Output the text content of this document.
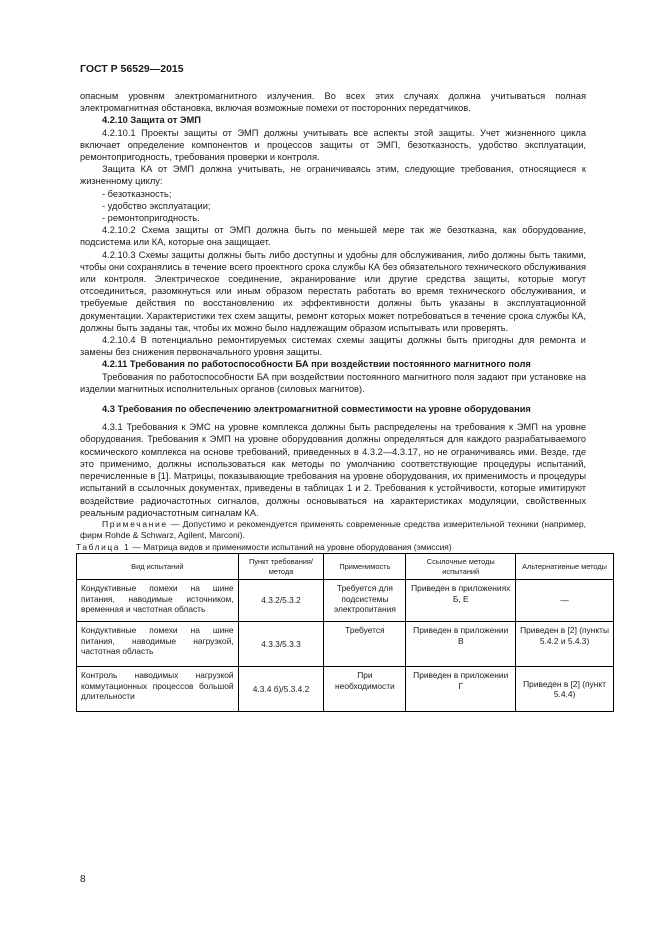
ГОСТ Р 56529—2015

опасным уровням электромагнитного излучения. Во всех этих случаях должна учитываться полная электромагнитная обстановка, включая возможные помехи от посторонних передатчиков.

4.2.10 Защита от ЭМП

4.2.10.1 Проекты защиты от ЭМП должны учитывать все аспекты этой защиты. Учет жизненного цикла включает определение компонентов и процессов защиты от ЭМП, безотказность, удобство эксплуатации, ремонтопригодность, требования проверки и контроля.

Защита КА от ЭМП должна учитывать, не ограничиваясь этим, следующие требования, относящиеся к жизненному циклу:

- безотказность;
- удобство эксплуатации;
- ремонтопригодность.

4.2.10.2 Схема защиты от ЭМП должна быть по меньшей мере так же безотказна, как оборудование, подсистема или КА, которые она защищает.

4.2.10.3 Схемы защиты должны быть либо доступны и удобны для обслуживания, либо должны быть такими, чтобы они сохранялись в течение всего проектного срока службы КА без обязательного технического обслуживания или контроля. Электрическое соединение, экранирование или другие средства защиты, которые могут отсоединиться, разомкнуться или иным образом перестать работать во время технического обслуживания, и требуемые действия по восстановлению их эффективности должны быть указаны в эксплуатационной документации. Характеристики тех схем защиты, ремонт которых может потребоваться в течение срока службы КА, должны быть заданы так, чтобы их можно было надлежащим образом испытывать или проверять.

4.2.10.4 В потенциально ремонтируемых системах схемы защиты должны быть пригодны для ремонта и замены без снижения первоначального уровня защиты.

4.2.11 Требования по работоспособности БА при воздействии постоянного магнитного поля

Требования по работоспособности БА при воздействии постоянного магнитного поля задают при установке на изделии магнитных исполнительных органов (силовых магнитов).

4.3 Требования по обеспечению электромагнитной совместимости на уровне оборудования

4.3.1 Требования к ЭМС на уровне комплекса должны быть распределены на требования к ЭМП на уровне оборудования. Требования к ЭМП на уровне оборудования должны определяться для каждого разрабатываемого космического комплекса на основе требований, приведенных в 4.3.2—4.3.17, но не ограничиваясь ими. Везде, где это применимо, должны использоваться как методы по умолчанию соответствующие процедуры испытаний, перечисленные в [1]. Матрицы, показывающие требования на уровне оборудования, их применимость и процедуры испытаний в ссылочных документах, приведены в таблицах 1 и 2. Требования к устойчивости, которые имитируют воздействие радиочастотных сигналов, должны основываться на характеристиках модуляции, свойственных реальным радиочастотным сигналам КА.

Примечание — Допустимо и рекомендуется применять современные средства измерительной техники (например, фирм Rohde & Schwarz, Agilent, Marconi).

Таблица 1 — Матрица видов и применимости испытаний на уровне оборудования (эмиссия)

Вид испытаний	Пункт требования/ метода	Применимость	Ссылочные методы испытаний	Альтернативные методы
Кондуктивные помехи на шине питания, наводимые источником, временная и частотная область	4.3.2/5.3.2	Требуется для подсистемы электропитания	Приведен в приложениях Б, Е	—
Кондуктивные помехи на шине питания, наводимые нагрузкой, частотная область	4.3.3/5.3.3	Требуется	Приведен в приложении В	Приведен в [2] (пункты 5.4.2 и 5.4.3)
Контроль наводимых нагрузкой коммутационных процессов большой длительности	4.3.4 б)/5.3.4.2	При необходимости	Приведен в приложении Г	Приведен в [2] (пункт 5.4.4)
8
